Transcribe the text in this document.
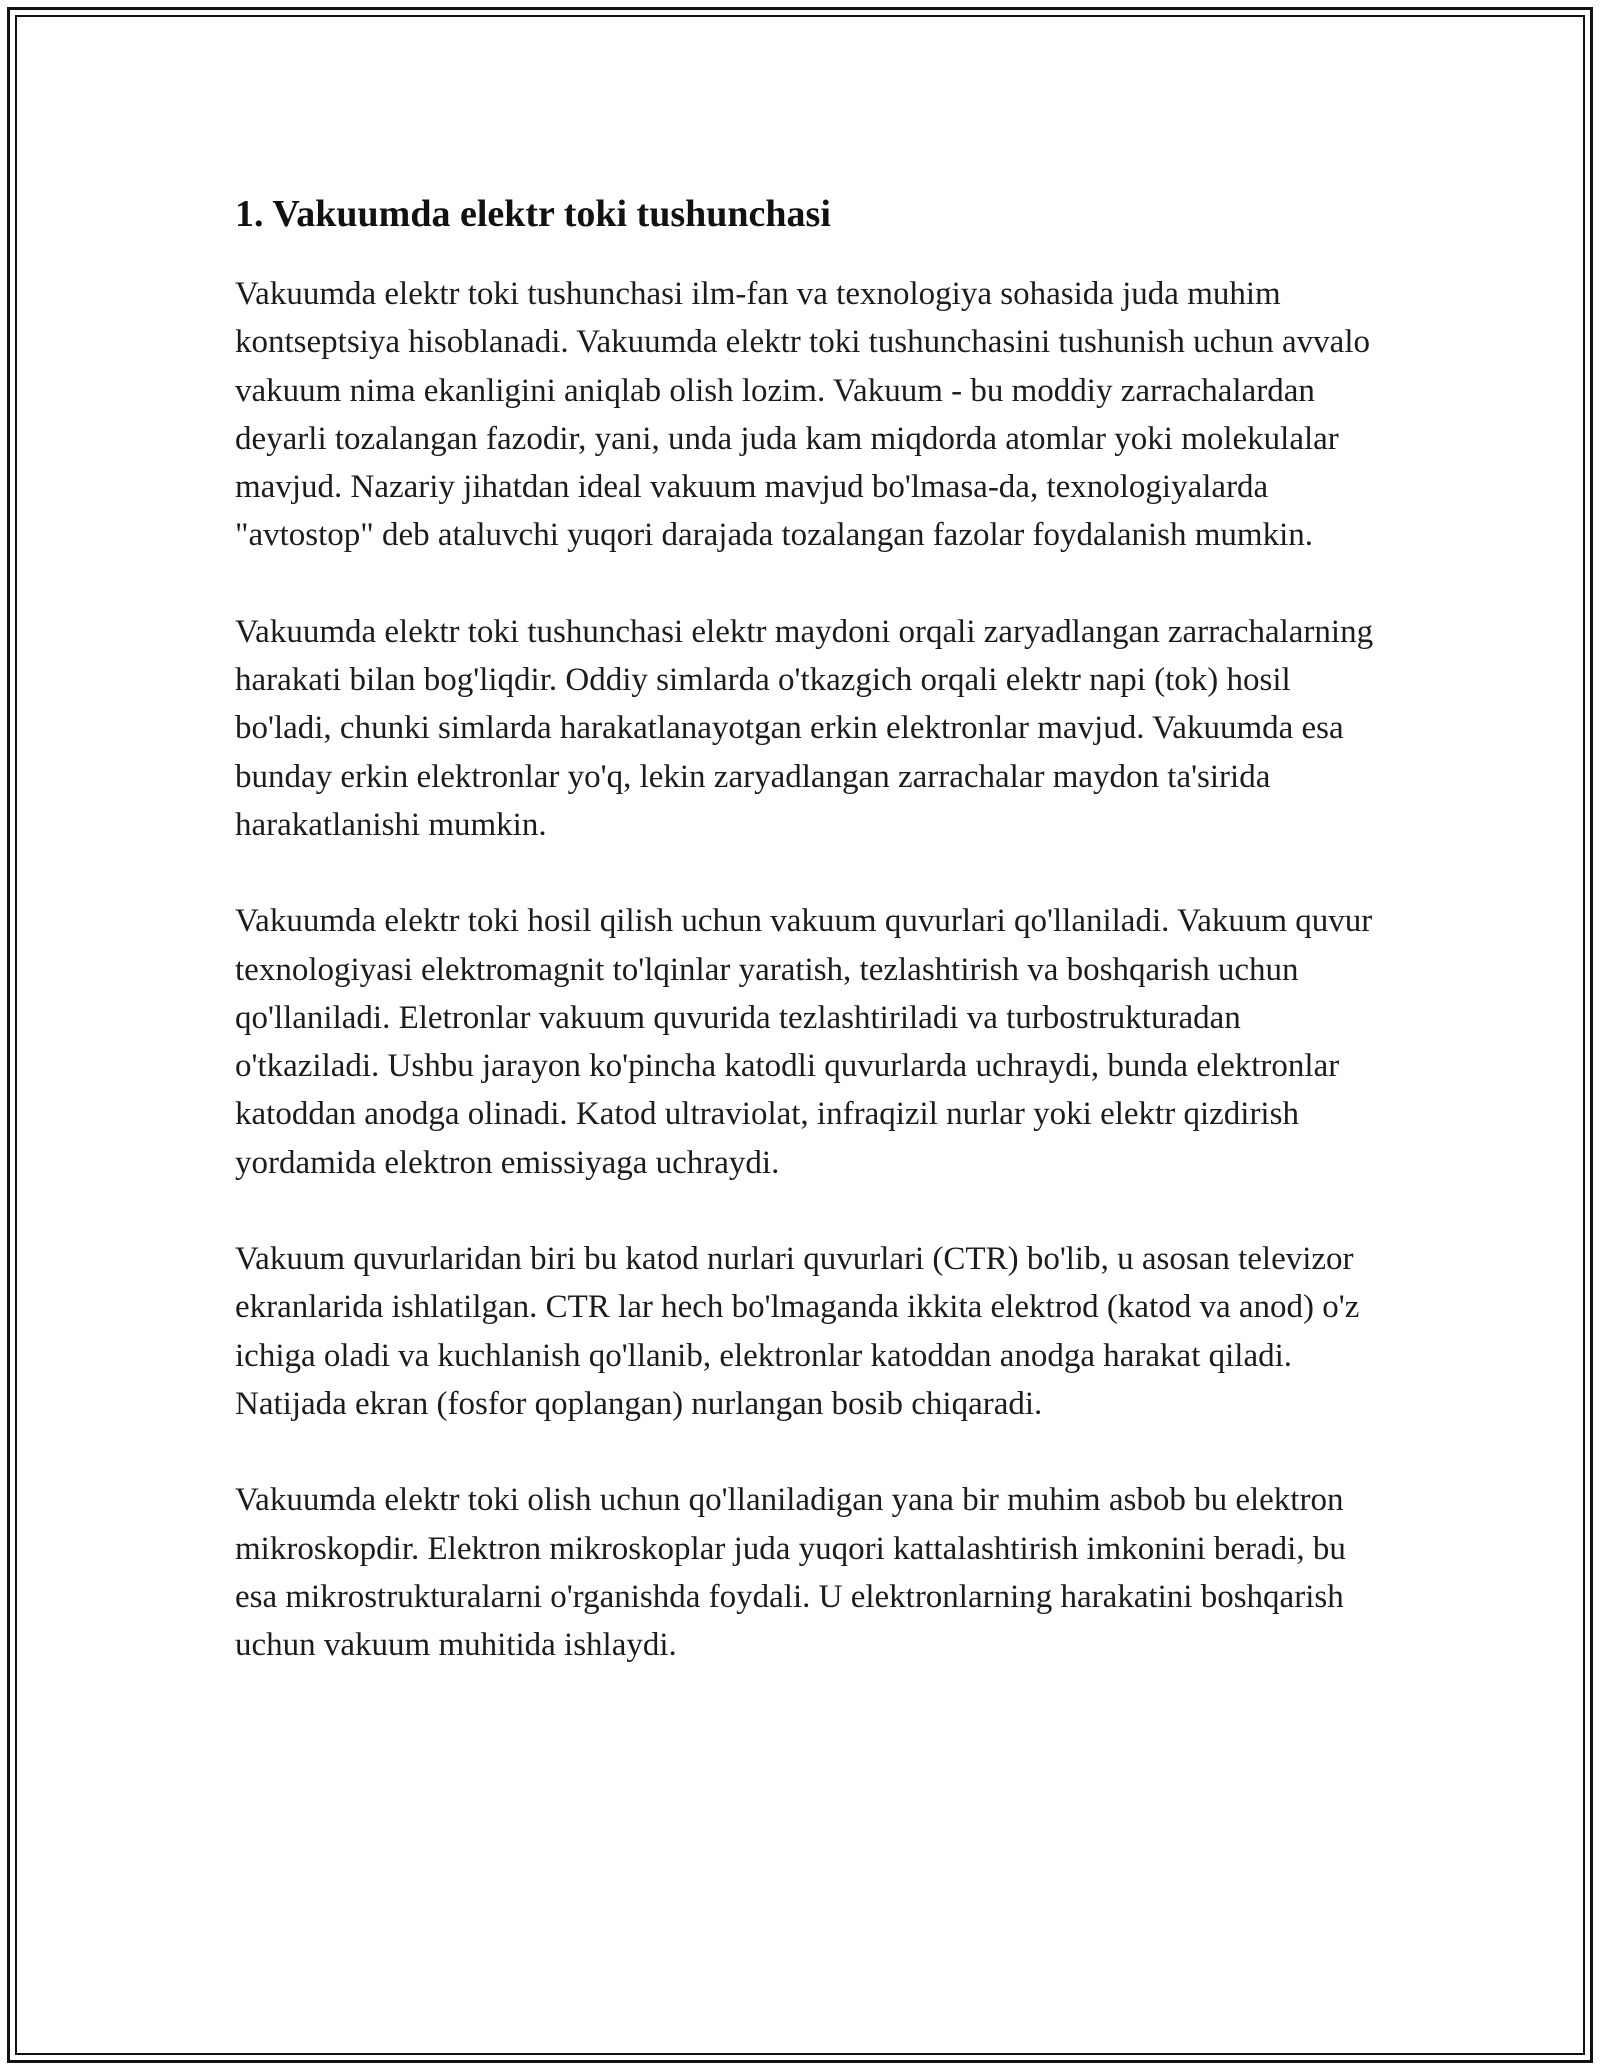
1. Vakuumda elektr toki tushunchasi

Vakuumda elektr toki tushunchasi ilm-fan va texnologiya sohasida juda muhim kontseptsiya hisoblanadi. Vakuumda elektr toki tushunchasini tushunish uchun avvalo vakuum nima ekanligini aniqlab olish lozim. Vakuum - bu moddiy zarrachalardan deyarli tozalangan fazodir, yani, unda juda kam miqdorda atomlar yoki molekulalar mavjud. Nazariy jihatdan ideal vakuum mavjud bo'lmasa-da, texnologiyalarda "avtostop" deb ataluvchi yuqori darajada tozalangan fazolar foydalanish mumkin.

Vakuumda elektr toki tushunchasi elektr maydoni orqali zaryadlangan zarrachalarning harakati bilan bog'liqdir. Oddiy simlarda o'tkazgich orqali elektr napi (tok) hosil bo'ladi, chunki simlarda harakatlanayotgan erkin elektronlar mavjud. Vakuumda esa bunday erkin elektronlar yo'q, lekin zaryadlangan zarrachalar maydon ta'sirida harakatlanishi mumkin.

Vakuumda elektr toki hosil qilish uchun vakuum quvurlari qo'llaniladi. Vakuum quvur texnologiyasi elektromagnit to'lqinlar yaratish, tezlashtirish va boshqarish uchun qo'llaniladi. Eletronlar vakuum quvurida tezlashtiriladi va turbostrukturadan o'tkaziladi. Ushbu jarayon ko'pincha katodli quvurlarda uchraydi, bunda elektronlar katoddan anodga olinadi. Katod ultraviolat, infraqizil nurlar yoki elektr qizdirish yordamida elektron emissiyaga uchraydi.

Vakuum quvurlaridan biri bu katod nurlari quvurlari (CTR) bo'lib, u asosan televizor ekranlarida ishlatilgan. CTR lar hech bo'lmaganda ikkita elektrod (katod va anod) o'z ichiga oladi va kuchlanish qo'llanib, elektronlar katoddan anodga harakat qiladi. Natijada ekran (fosfor qoplangan) nurlangan bosib chiqaradi.

Vakuumda elektr toki olish uchun qo'llaniladigan yana bir muhim asbob bu elektron mikroskopdir. Elektron mikroskoplar juda yuqori kattalashtirish imkonini beradi, bu esa mikrostrukturalarni o'rganishda foydali. U elektronlarning harakatini boshqarish uchun vakuum muhitida ishlaydi.
